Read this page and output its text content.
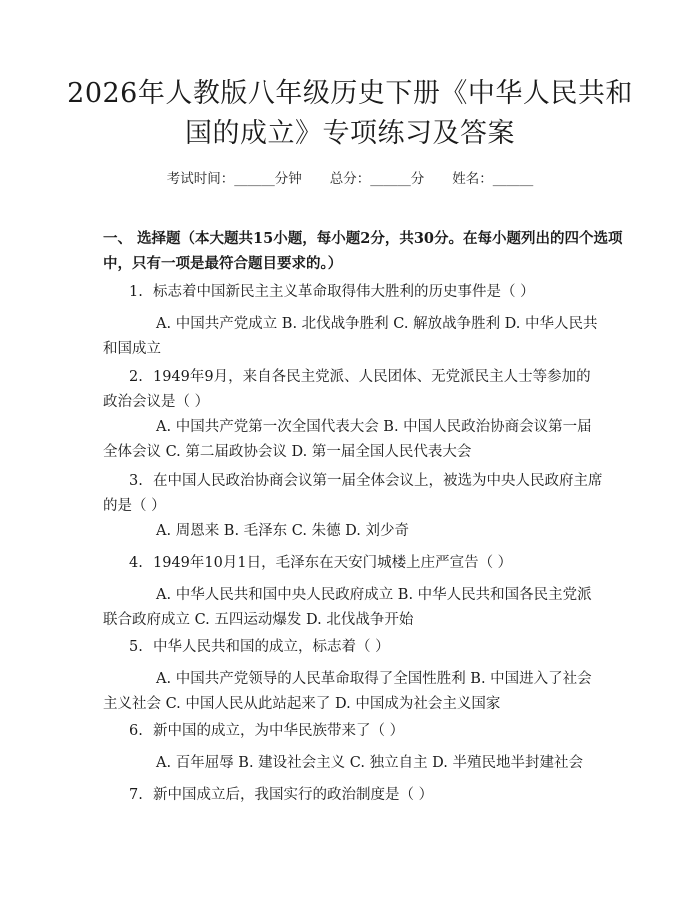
2026年人教版八年级历史下册《中华人民共和国的成立》专项练习及答案
考试时间：______分钟 总分：______分 姓名：______

一、 选择题（本大题共15小题，每小题2分，共30分。在每小题列出的四个选项中，只有一项是最符合题目要求的。）

1. 标志着中国新民主主义革命取得伟大胜利的历史事件是（ ）

A. 中国共产党成立 B. 北伐战争胜利 C. 解放战争胜利 D. 中华人民共和国成立

2. 1949年9月，来自各民主党派、人民团体、无党派民主人士等参加的政治会议是（ ）

A. 中国共产党第一次全国代表大会 B. 中国人民政治协商会议第一届全体会议 C. 第二届政协会议 D. 第一届全国人民代表大会

3. 在中国人民政治协商会议第一届全体会议上，被选为中央人民政府主席的是（ ）

A. 周恩来 B. 毛泽东 C. 朱德 D. 刘少奇

4. 1949年10月1日，毛泽东在天安门城楼上庄严宣告（ ）

A. 中华人民共和国中央人民政府成立 B. 中华人民共和国各民主党派联合政府成立 C. 五四运动爆发 D. 北伐战争开始

5. 中华人民共和国的成立，标志着（ ）

A. 中国共产党领导的人民革命取得了全国性胜利 B. 中国进入了社会主义社会 C. 中国人民从此站起来了 D. 中国成为社会主义国家

6. 新中国的成立，为中华民族带来了（ ）

A. 百年屈辱 B. 建设社会主义 C. 独立自主 D. 半殖民地半封建社会

7. 新中国成立后，我国实行的政治制度是（ ）
